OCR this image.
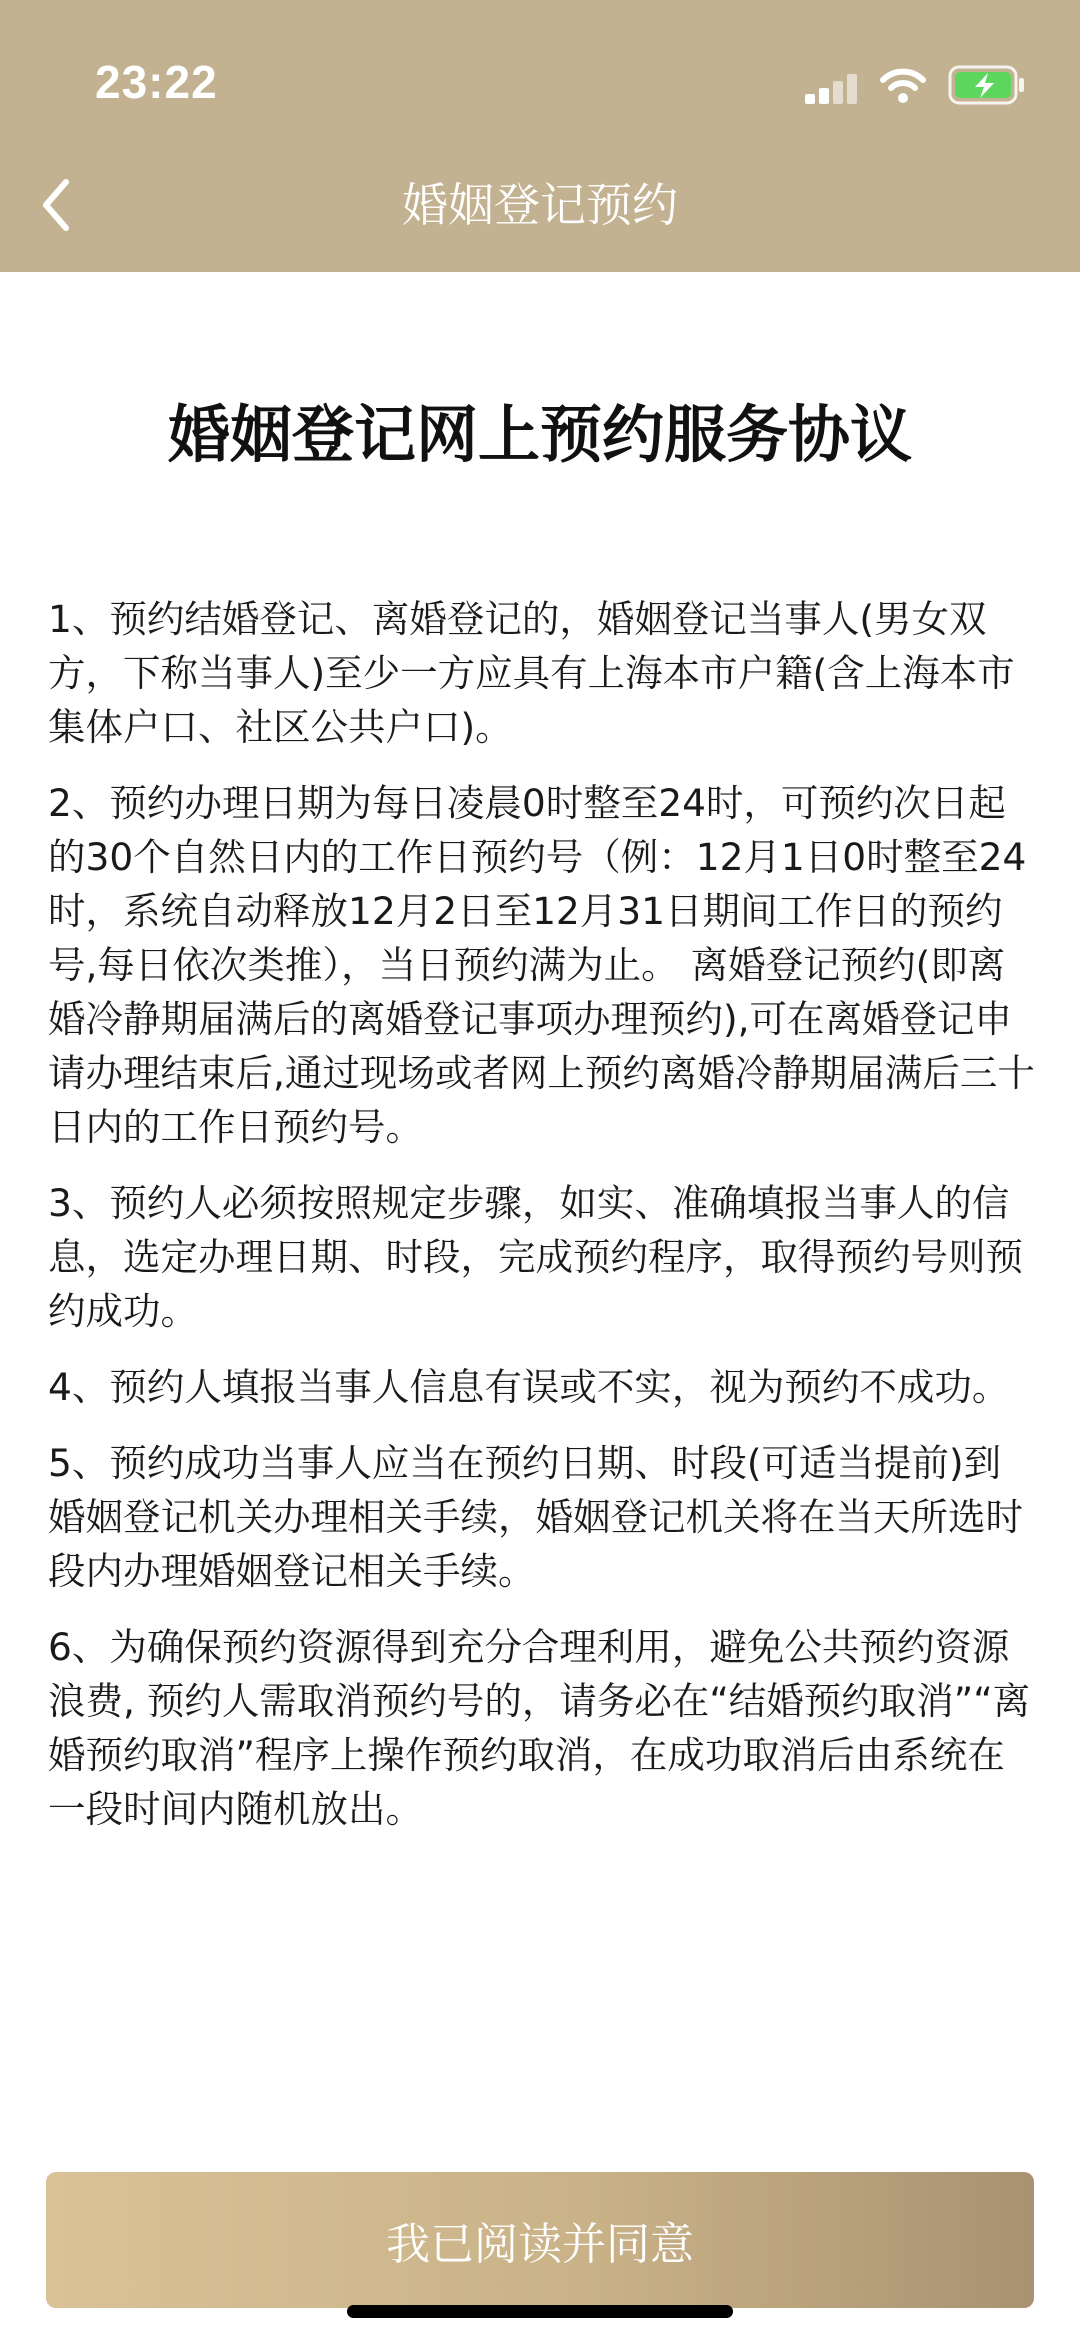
23:22
婚姻登记预约
婚姻登记网上预约服务协议

1、预约结婚登记、离婚登记的，婚姻登记当事人(男女双方，下称当事人)至少一方应具有上海本市户籍(含上海本市集体户口、社区公共户口)。

2、预约办理日期为每日凌晨0时整至24时，可预约次日起的30个自然日内的工作日预约号（例：12月1日0时整至24时，系统自动释放12月2日至12月31日期间工作日的预约号,每日依次类推），当日预约满为止。 离婚登记预约(即离婚冷静期届满后的离婚登记事项办理预约),可在离婚登记申请办理结束后,通过现场或者网上预约离婚冷静期届满后三十日内的工作日预约号。

3、预约人必须按照规定步骤，如实、准确填报当事人的信息，选定办理日期、时段，完成预约程序，取得预约号则预约成功。

4、预约人填报当事人信息有误或不实，视为预约不成功。

5、预约成功当事人应当在预约日期、时段(可适当提前)到婚姻登记机关办理相关手续，婚姻登记机关将在当天所选时段内办理婚姻登记相关手续。

6、为确保预约资源得到充分合理利用，避免公共预约资源浪费, 预约人需取消预约号的，请务必在“结婚预约取消”“离婚预约取消”程序上操作预约取消，在成功取消后由系统在一段时间内随机放出。

我已阅读并同意
